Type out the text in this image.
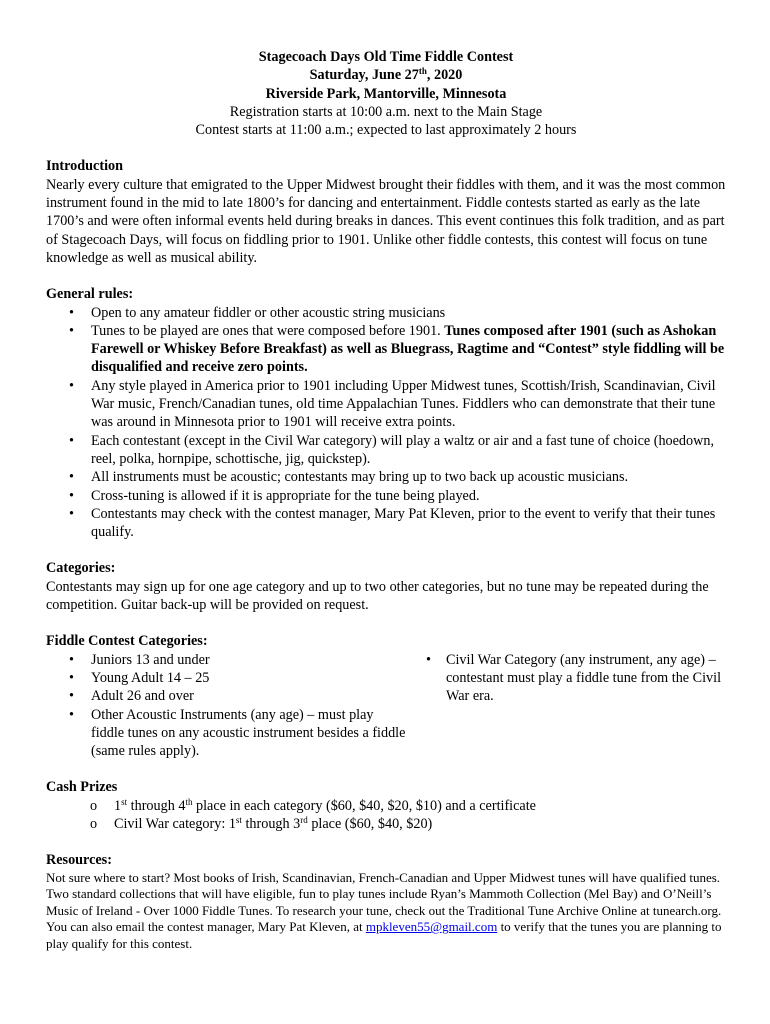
Stagecoach Days Old Time Fiddle Contest
Saturday, June 27th, 2020
Riverside Park, Mantorville, Minnesota
Registration starts at 10:00 a.m. next to the Main Stage
Contest starts at 11:00 a.m.; expected to last approximately 2 hours
Introduction

Nearly every culture that emigrated to the Upper Midwest brought their fiddles with them, and it was the most common instrument found in the mid to late 1800’s for dancing and entertainment. Fiddle contests started as early as the late 1700’s and were often informal events held during breaks in dances. This event continues this folk tradition, and as part of Stagecoach Days, will focus on fiddling prior to 1901. Unlike other fiddle contests, this contest will focus on tune knowledge as well as musical ability.

General rules:
• Open to any amateur fiddler or other acoustic string musicians
• Tunes to be played are ones that were composed before 1901. Tunes composed after 1901 (such as Ashokan Farewell or Whiskey Before Breakfast) as well as Bluegrass, Ragtime and “Contest” style fiddling will be disqualified and receive zero points.
• Any style played in America prior to 1901 including Upper Midwest tunes, Scottish/Irish, Scandinavian, Civil War music, French/Canadian tunes, old time Appalachian Tunes. Fiddlers who can demonstrate that their tune was around in Minnesota prior to 1901 will receive extra points.
• Each contestant (except in the Civil War category) will play a waltz or air and a fast tune of choice (hoedown, reel, polka, hornpipe, schottische, jig, quickstep).
• All instruments must be acoustic; contestants may bring up to two back up acoustic musicians.
• Cross-tuning is allowed if it is appropriate for the tune being played.
• Contestants may check with the contest manager, Mary Pat Kleven, prior to the event to verify that their tunes qualify.
Categories:

Contestants may sign up for one age category and up to two other categories, but no tune may be repeated during the competition. Guitar back-up will be provided on request.

Fiddle Contest Categories:
• Juniors 13 and under
• Young Adult 14 – 25
• Adult 26 and over
• Other Acoustic Instruments (any age) – must play fiddle tunes on any acoustic instrument besides a fiddle (same rules apply).
• Civil War Category (any instrument, any age) – contestant must play a fiddle tune from the Civil War era.
Cash Prizes
o 1st through 4th place in each category ($60, $40, $20, $10) and a certificate
o Civil War category: 1st through 3rd place ($60, $40, $20)
Resources:

Not sure where to start? Most books of Irish, Scandinavian, French-Canadian and Upper Midwest tunes will have qualified tunes. Two standard collections that will have eligible, fun to play tunes include Ryan’s Mammoth Collection (Mel Bay) and O’Neill’s Music of Ireland - Over 1000 Fiddle Tunes. To research your tune, check out the Traditional Tune Archive Online at tunearch.org. You can also email the contest manager, Mary Pat Kleven, at mpkleven55@gmail.com to verify that the tunes you are planning to play qualify for this contest.
